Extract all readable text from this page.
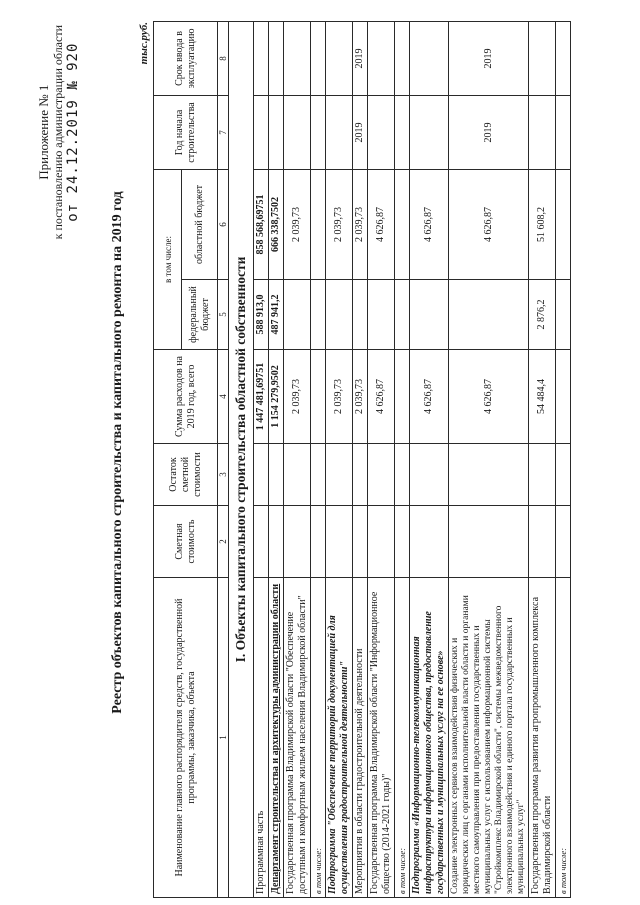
Приложение № 1 к постановлению администрации области от 24.12.2019 № 920
Реестр объектов капитального строительства и капитального ремонта на 2019 год
тыс.руб.
Наименование главного распорядителя средств, государственной программы, заказчика, объекта	Сметная стоимость	Остаток сметной стоимости	Сумма расходов на 2019 год, всего	в том числе:		Год начала строительства	Срок ввода в эксплуатацию
				федеральный бюджет	областной бюджет		
1	2	3	4	5	6	7	8
I. Объекты капитального строительства областной собственности							
Программная часть			1 447 481,69751	588 913,0	858 568,69751		
Департамент строительства и архитектуры администрации области			1 154 279,9502	487 941,2	666 338,7502		
Государственная программа Владимирской области "Обеспечение доступным и комфортным жильем населения Владимирской области"			2 039,73		2 039,73		
в том числе:							
Подпрограмма "Обеспечение территорий документацией для осуществления градостроительной деятельности"			2 039,73		2 039,73		
Мероприятия в области градостроительной деятельности			2 039,73		2 039,73	2019	2019
Государственная программа Владимирской области "Информационное общество (2014-2021 годы)"			4 626,87		4 626,87		
в том числе:							
Подпрограмма «Информационно-телекоммуникационная инфраструктура информационного общества, предоставление государственных и муниципальных услуг на ее основе»			4 626,87		4 626,87		
Создание электронных сервисов взаимодействия физических и юридических лиц с органами исполнительной власти области и органами местного самоуправления при предоставлении государственных и муниципальных услуг с использованием информационной системы "Стройкомплекс Владимирской области", системы межведомственного электронного взаимодействия и единого портала государственных и муниципальных услуг"			4 626,87		4 626,87	2019	2019
Государственная программа развития агропромышленного комплекса Владимирской области			54 484,4	2 876,2	51 608,2		
в том числе:							
